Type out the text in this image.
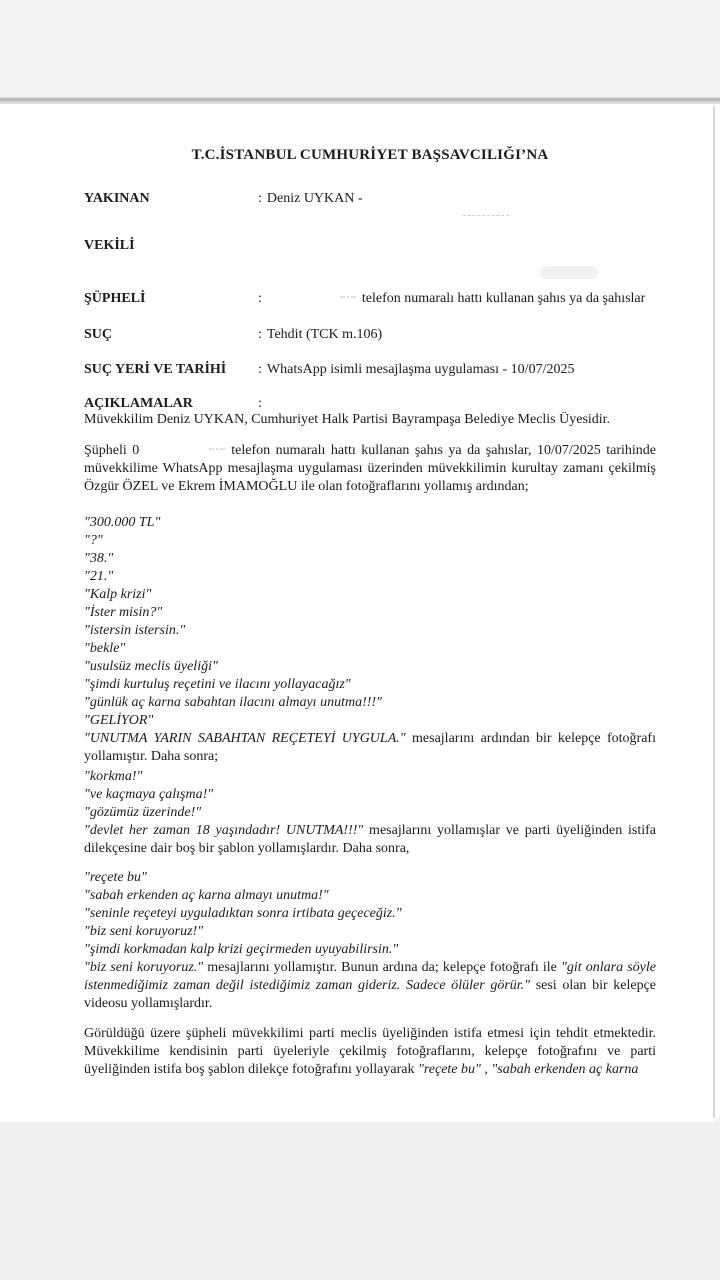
T.C.İSTANBUL CUMHURİYET BAŞSAVCILIĞI’NA
YAKINAN	: Deniz UYKAN -
VEKİLİ
ŞÜPHELİ	:	telefon numaralı hattı kullanan şahıs ya da şahıslar
SUÇ	: Tehdit (TCK m.106)
SUÇ YERİ VE TARİHİ : WhatsApp isimli mesajlaşma uygulaması - 10/07/2025
AÇIKLAMALAR	:
Müvekkilim Deniz UYKAN, Cumhuriyet Halk Partisi Bayrampaşa Belediye Meclis Üyesidir.

Şüpheli 0	telefon numaralı hattı kullanan şahıs ya da şahıslar, 10/07/2025 tarihinde müvekkilime WhatsApp mesajlaşma uygulaması üzerinden müvekkilimin kurultay zamanı çekilmiş Özgür ÖZEL ve Ekrem İMAMOĞLU ile olan fotoğraflarını yollamış ardından;

"300.000 TL"
"?"
"38."
"21."
"Kalp krizi"
"İster misin?"
"istersin istersin."
"bekle"
"usulsüz meclis üyeliği"
"şimdi kurtuluş reçetini ve ilacını yollayacağız"
"günlük aç karna sabahtan ilacını almayı unutma!!!"
"GELİYOR"

"UNUTMA YARIN SABAHTAN REÇETEYİ UYGULA." mesajlarını ardından bir kelepçe fotoğrafı yollamıştır. Daha sonra;

"korkma!"
"ve kaçmaya çalışma!"
"gözümüz üzerinde!"

"devlet her zaman 18 yaşındadır! UNUTMA!!!" mesajlarını yollamışlar ve parti üyeliğinden istifa dilekçesine dair boş bir şablon yollamışlardır. Daha sonra,

"reçete bu"
"sabah erkenden aç karna almayı unutma!"
"seninle reçeteyi uyguladıktan sonra irtibata geçeceğiz."
"biz seni koruyoruz!"
"şimdi korkmadan kalp krizi geçirmeden uyuyabilirsin."

"biz seni koruyoruz." mesajlarını yollamıştır. Bunun ardına da; kelepçe fotoğrafı ile "git onlara söyle istenmediğimiz zaman değil istediğimiz zaman gideriz. Sadece ölüler görür." sesi olan bir kelepçe videosu yollamışlardır.

Görüldüğü üzere şüpheli müvekkilimi parti meclis üyeliğinden istifa etmesi için tehdit etmektedir. Müvekkilime kendisinin parti üyeleriyle çekilmiş fotoğraflarını, kelepçe fotoğrafını ve parti üyeliğinden istifa boş şablon dilekçe fotoğrafını yollayarak "reçete bu" , "sabah erkenden aç karna
